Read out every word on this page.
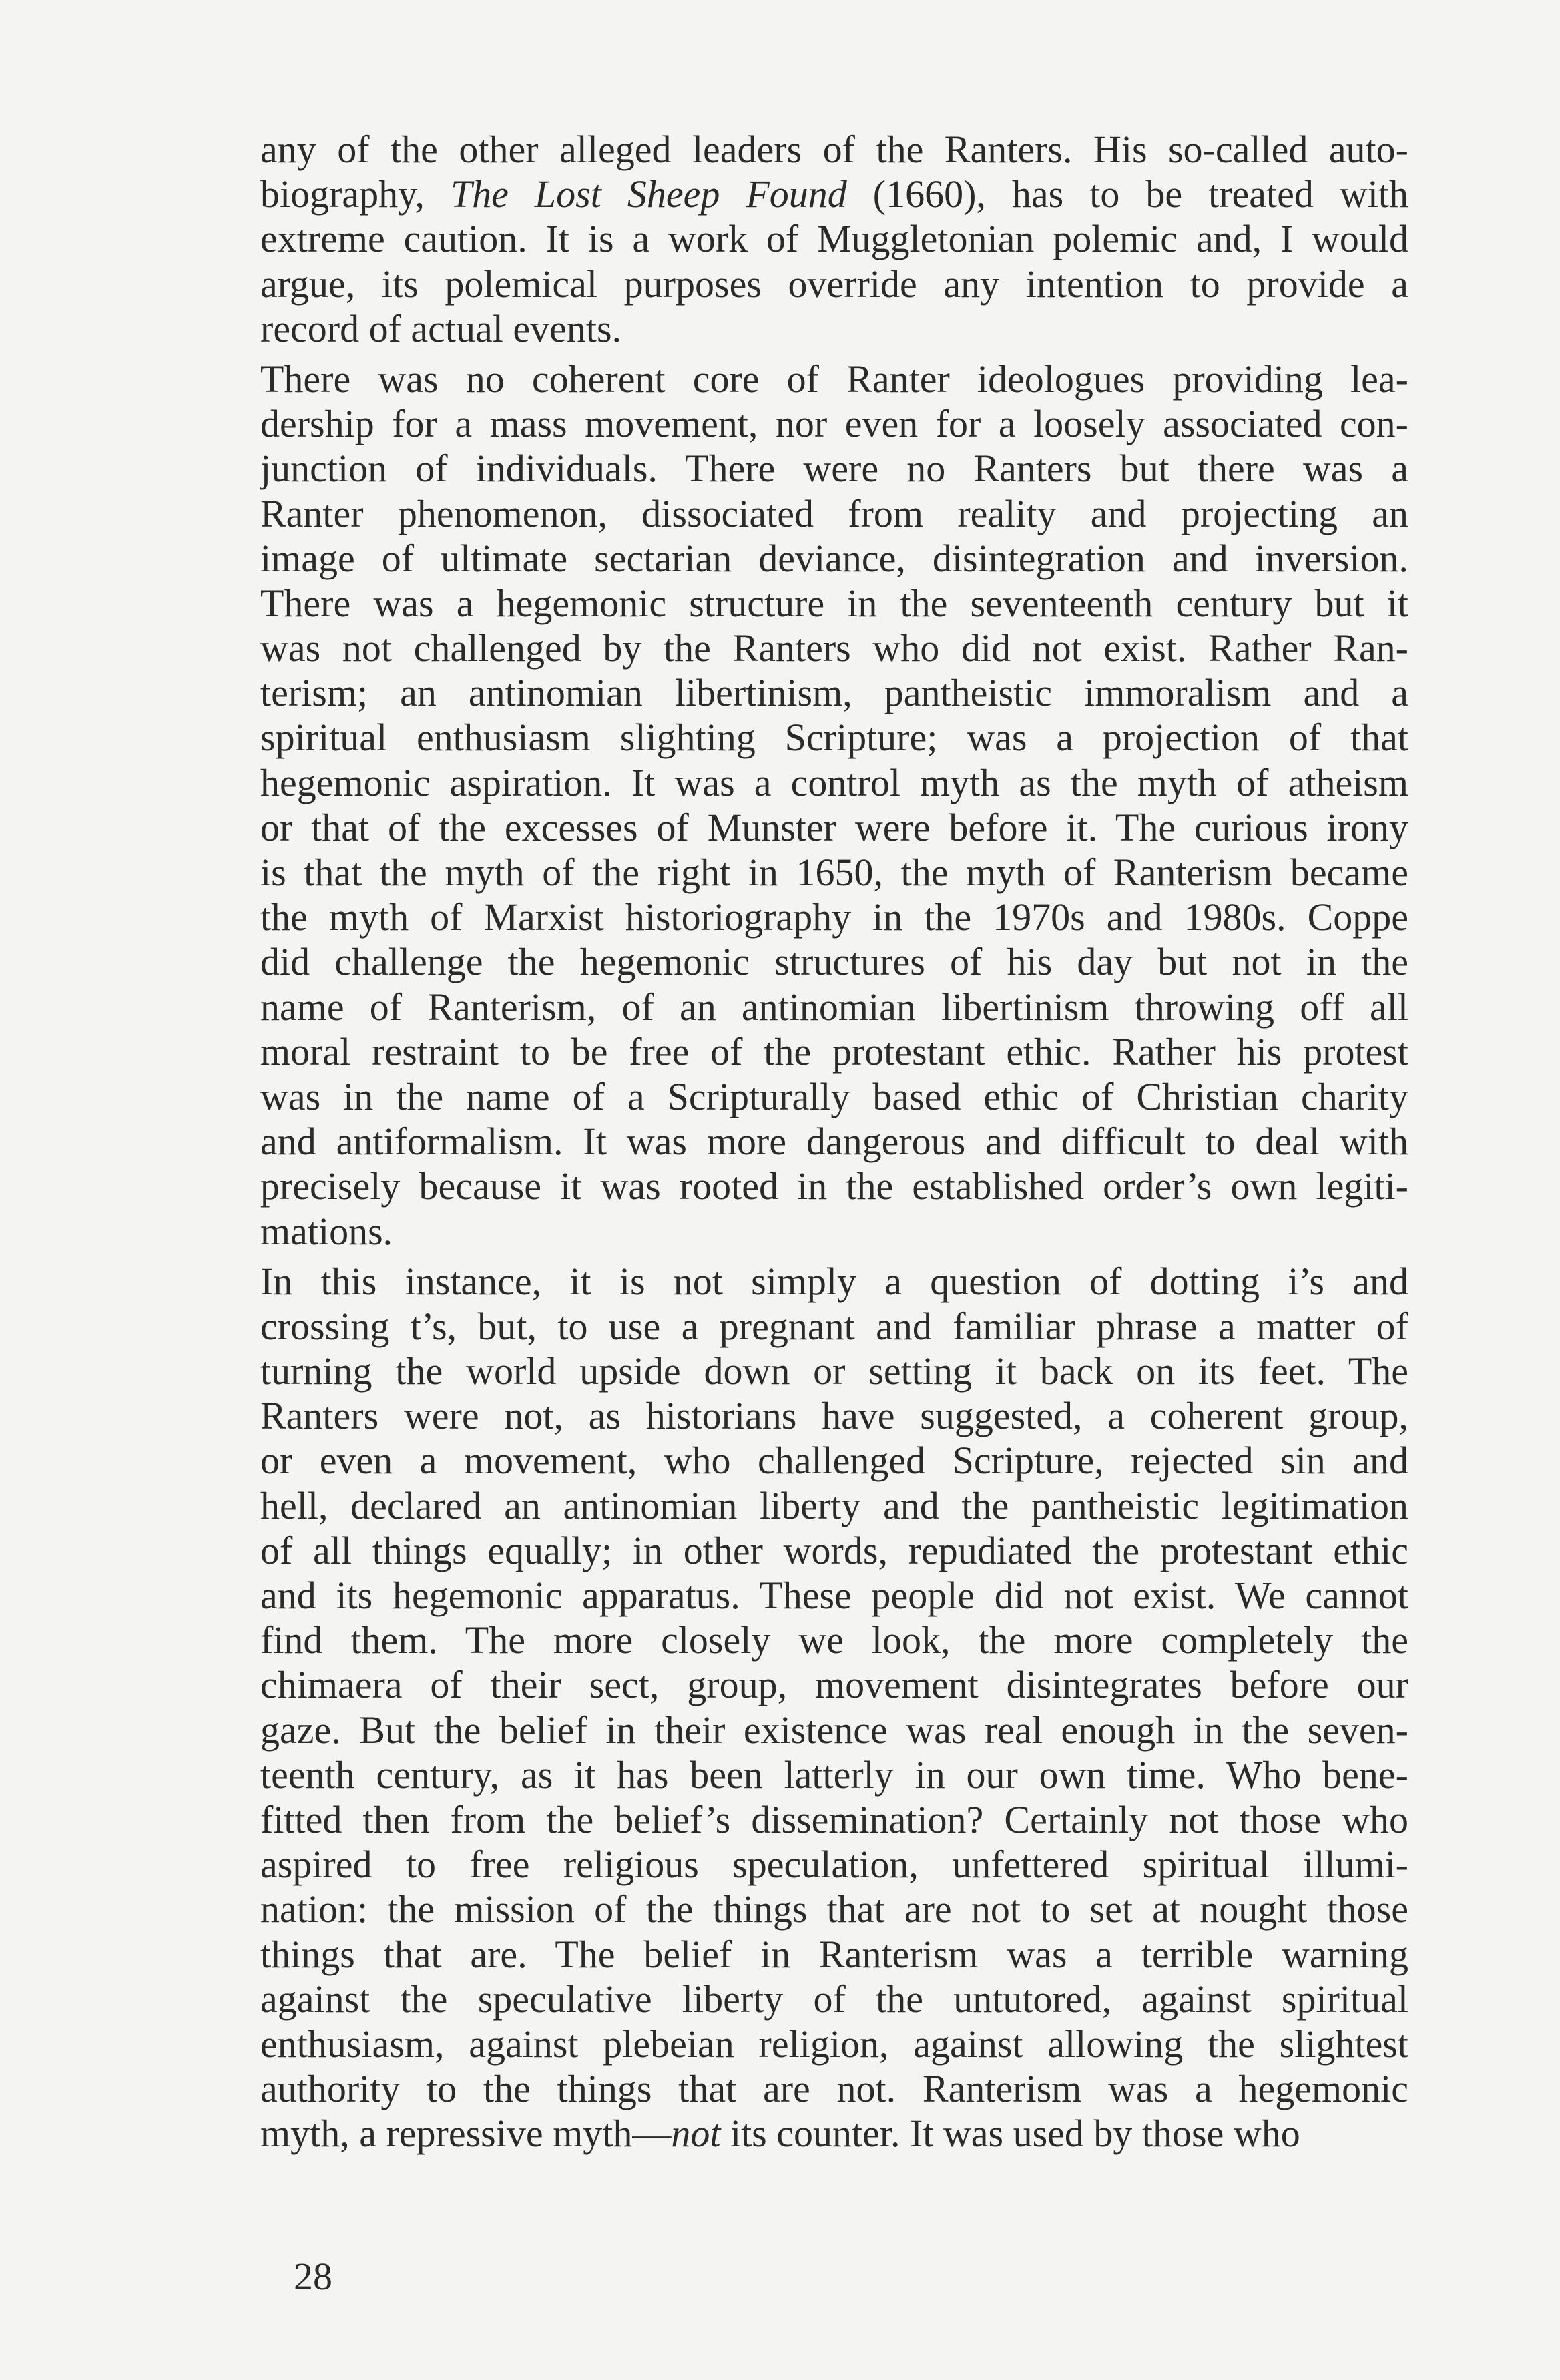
any of the other alleged leaders of the Ranters. His so-called auto-
biography, The Lost Sheep Found (1660), has to be treated with
extreme caution. It is a work of Muggletonian polemic and, I would
argue, its polemical purposes override any intention to provide a
record of actual events.
There was no coherent core of Ranter ideologues providing lea-
dership for a mass movement, nor even for a loosely associated con-
junction of individuals. There were no Ranters but there was a
Ranter phenomenon, dissociated from reality and projecting an
image of ultimate sectarian deviance, disintegration and inversion.
There was a hegemonic structure in the seventeenth century but it
was not challenged by the Ranters who did not exist. Rather Ran-
terism; an antinomian libertinism, pantheistic immoralism and a
spiritual enthusiasm slighting Scripture; was a projection of that
hegemonic aspiration. It was a control myth as the myth of atheism
or that of the excesses of Munster were before it. The curious irony
is that the myth of the right in 1650, the myth of Ranterism became
the myth of Marxist historiography in the 1970s and 1980s. Coppe
did challenge the hegemonic structures of his day but not in the
name of Ranterism, of an antinomian libertinism throwing off all
moral restraint to be free of the protestant ethic. Rather his protest
was in the name of a Scripturally based ethic of Christian charity
and antiformalism. It was more dangerous and difficult to deal with
precisely because it was rooted in the established order’s own legiti-
mations.
In this instance, it is not simply a question of dotting i’s and
crossing t’s, but, to use a pregnant and familiar phrase a matter of
turning the world upside down or setting it back on its feet. The
Ranters were not, as historians have suggested, a coherent group,
or even a movement, who challenged Scripture, rejected sin and
hell, declared an antinomian liberty and the pantheistic legitimation
of all things equally; in other words, repudiated the protestant ethic
and its hegemonic apparatus. These people did not exist. We cannot
find them. The more closely we look, the more completely the
chimaera of their sect, group, movement disintegrates before our
gaze. But the belief in their existence was real enough in the seven-
teenth century, as it has been latterly in our own time. Who bene-
fitted then from the belief’s dissemination? Certainly not those who
aspired to free religious speculation, unfettered spiritual illumi-
nation: the mission of the things that are not to set at nought those
things that are. The belief in Ranterism was a terrible warning
against the speculative liberty of the untutored, against spiritual
enthusiasm, against plebeian religion, against allowing the slightest
authority to the things that are not. Ranterism was a hegemonic
myth, a repressive myth—not its counter. It was used by those who
28
